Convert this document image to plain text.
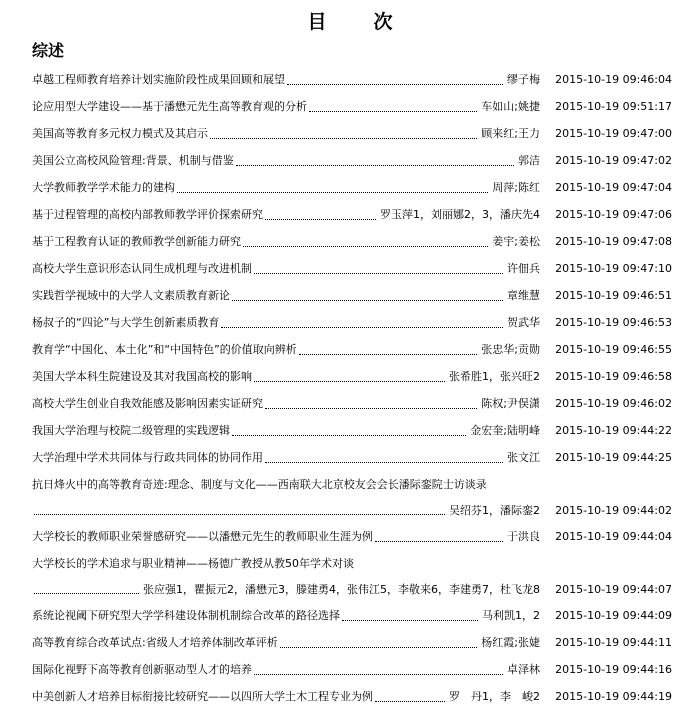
目　次
综述
卓越工程师教育培养计划实施阶段性成果回顾和展望	缪子梅 2015-10-19 09:46:04
论应用型大学建设——基于潘懋元先生高等教育观的分析	车如山;姚捷 2015-10-19 09:51:17
美国高等教育多元权力模式及其启示	顾来红;王力 2015-10-19 09:47:00
美国公立高校风险管理:背景、机制与借鉴	郭洁 2015-10-19 09:47:02
大学教师教学学术能力的建构	周萍;陈红 2015-10-19 09:47:04
基于过程管理的高校内部教师教学评价探索研究	罗玉萍1，刘丽娜2，3，潘庆先4 2015-10-19 09:47:06
基于工程教育认证的教师教学创新能力研究	姜宇;姜松 2015-10-19 09:47:08
高校大学生意识形态认同生成机理与改进机制	许佃兵 2015-10-19 09:47:10
实践哲学视域中的大学人文素质教育新论	章维慧 2015-10-19 09:46:51
杨叔子的“四论”与大学生创新素质教育	贺武华 2015-10-19 09:46:53
教育学“中国化、本土化”和“中国特色”的价值取向辨析	张忠华;贡勋 2015-10-19 09:46:55
美国大学本科生院建设及其对我国高校的影响	张希胜1，张兴旺2 2015-10-19 09:46:58
高校大学生创业自我效能感及影响因素实证研究	陈权;尹俣潇 2015-10-19 09:46:02
我国大学治理与校院二级管理的实践逻辑	金宏奎;陆明峰 2015-10-19 09:44:22
大学治理中学术共同体与行政共同体的协同作用	张文江 2015-10-19 09:44:25
抗日烽火中的高等教育奇迹:理念、制度与文化——西南联大北京校友会会长潘际銮院士访谈录
吴绍芬1，潘际銮2 2015-10-19 09:44:02
大学校长的教师职业荣誉感研究——以潘懋元先生的教师职业生涯为例	于洪良 2015-10-19 09:44:04
大学校长的学术追求与职业精神——杨德广教授从教50年学术对谈
张应强1，瞿振元2，潘懋元3，滕建勇4，张伟江5，李敬来6，李建勇7，杜飞龙8 2015-10-19 09:44:07
系统论视阈下研究型大学学科建设体制机制综合改革的路径选择	马利凯1，2 2015-10-19 09:44:09
高等教育综合改革试点:省级人才培养体制改革评析	杨红霞;张婕 2015-10-19 09:44:11
国际化视野下高等教育创新驱动型人才的培养	卓泽林 2015-10-19 09:44:16
中美创新人才培养目标衔接比较研究——以四所大学土木工程专业为例	罗　丹1，李　峻2 2015-10-19 09:44:19
